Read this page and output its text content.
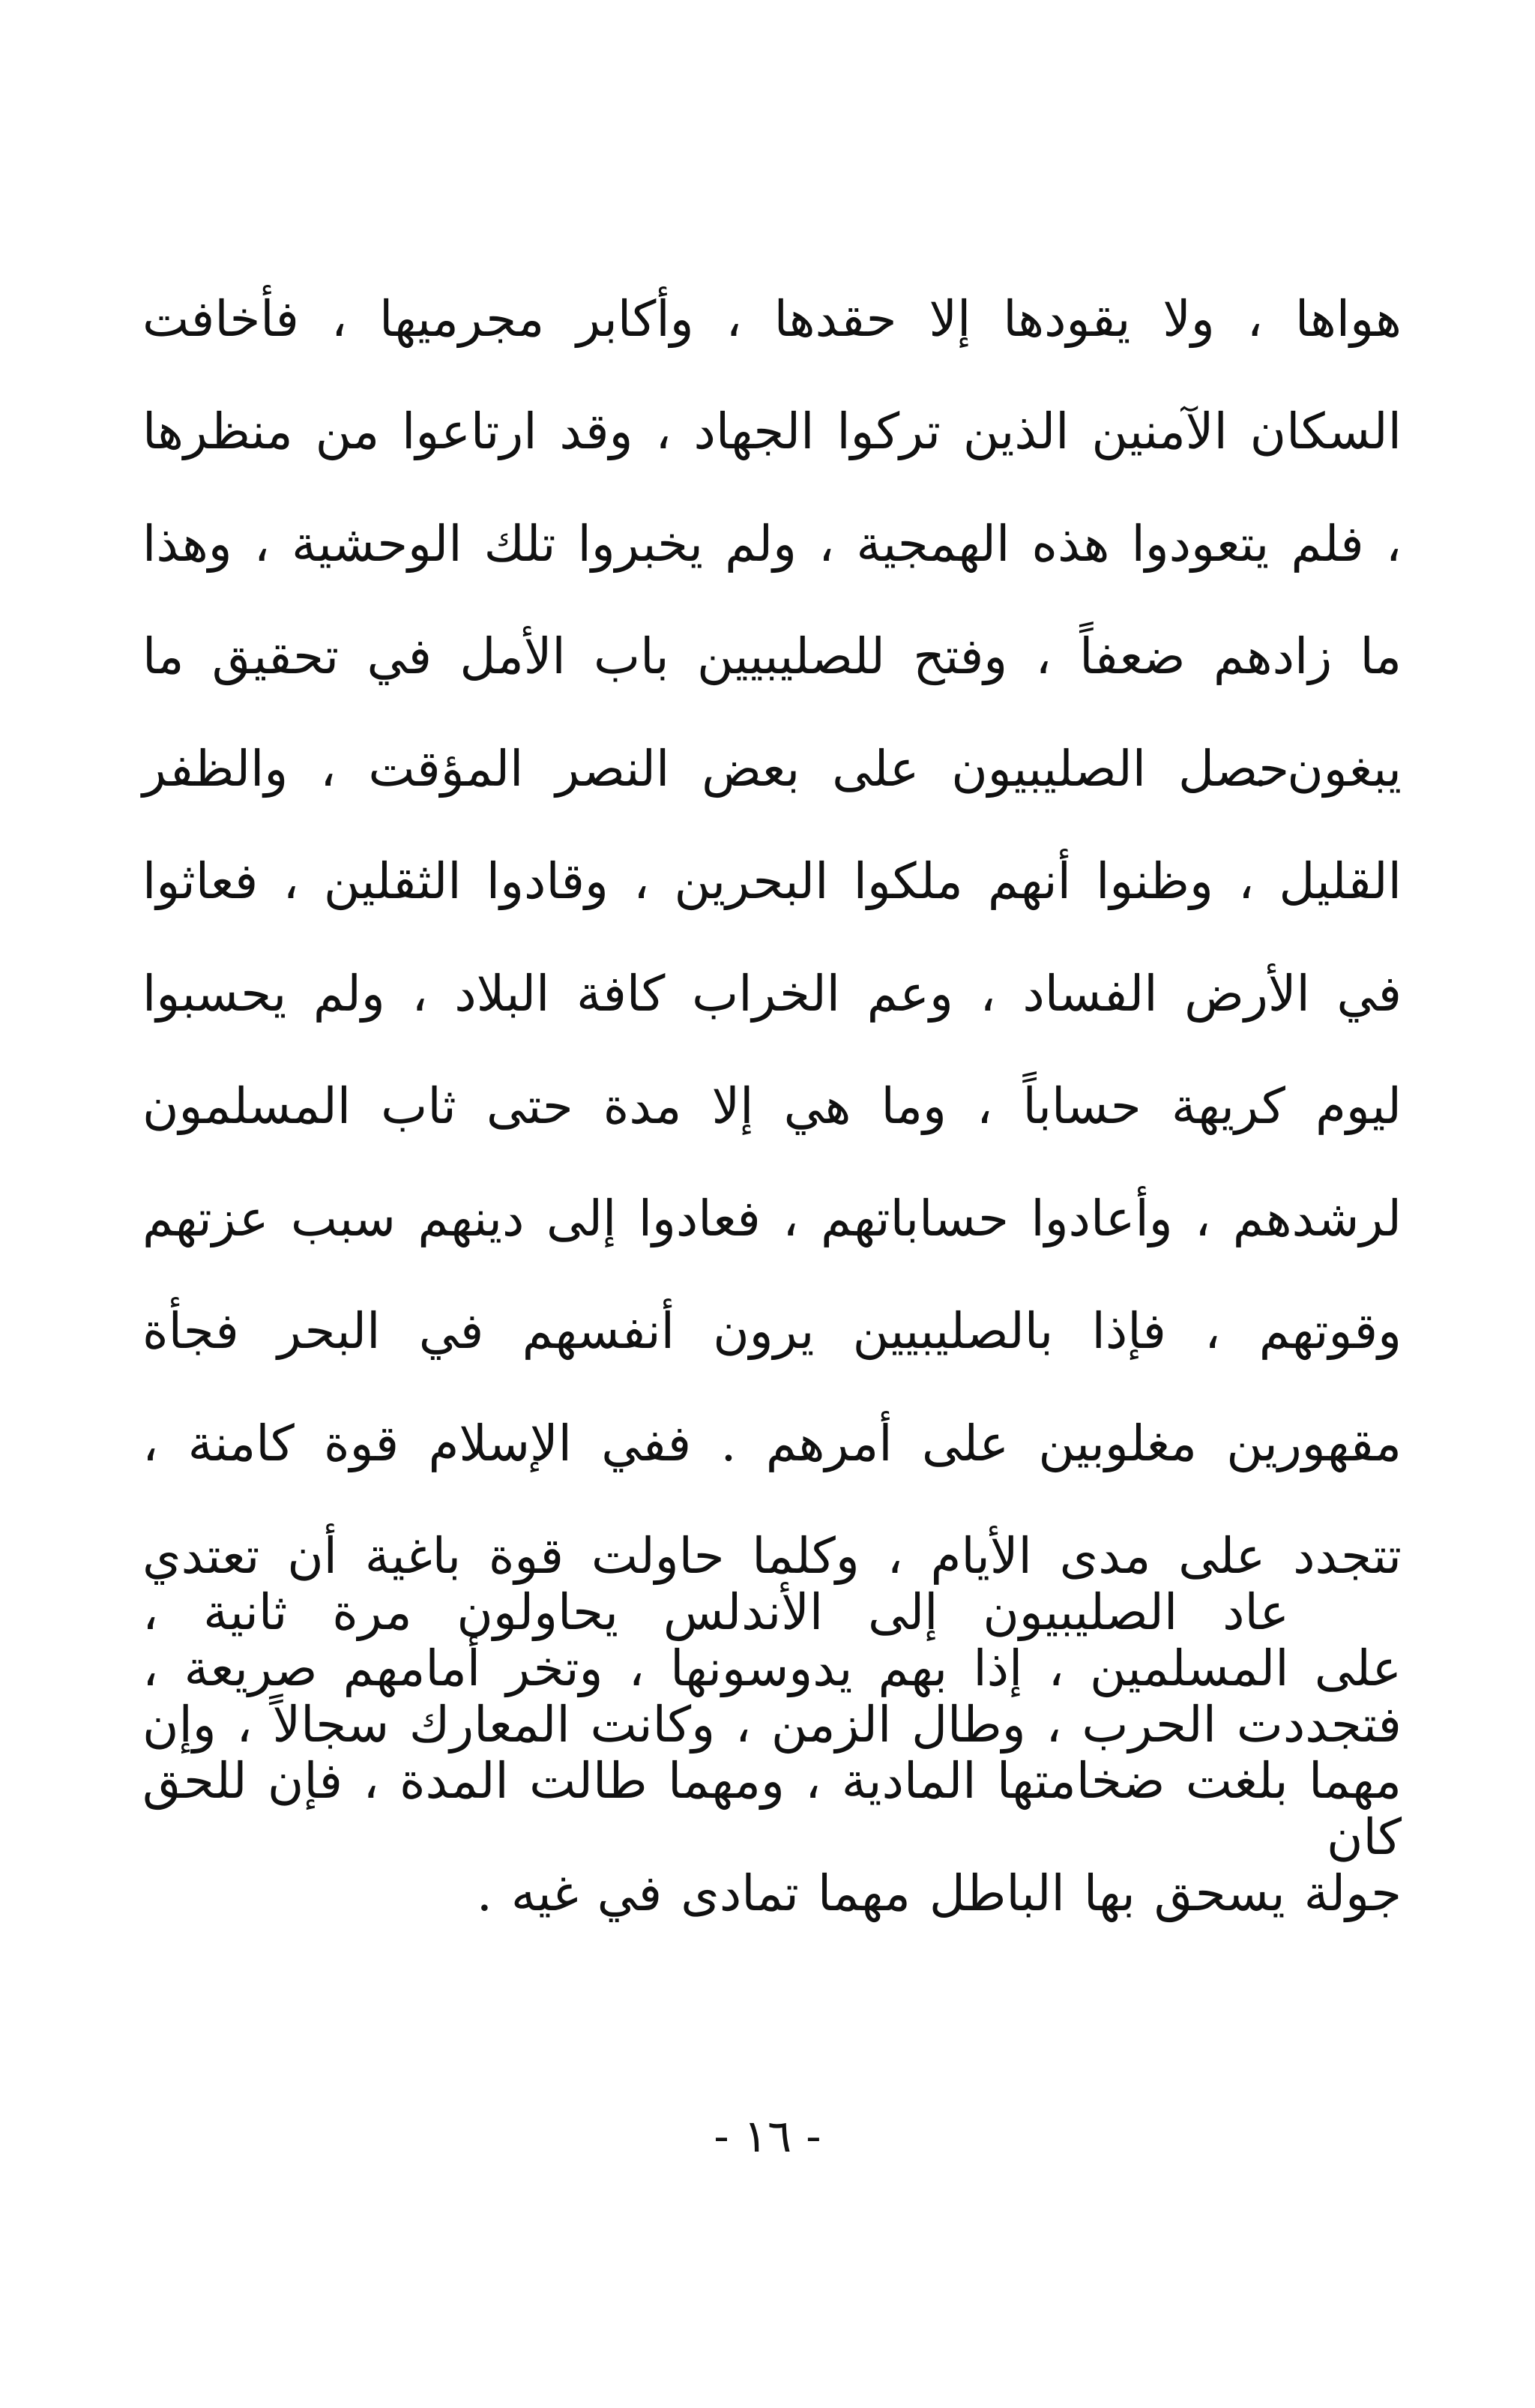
هواها ، ولا يقودها إلا حقدها ، وأكابر مجرميها ، فأخافت السكان الآمنين الذين تركوا الجهاد ، وقد ارتاعوا من منظرها ، فلم يتعودوا هذه الهمجية ، ولم يخبروا تلك الوحشية ، وهذا ما زادهم ضعفاً ، وفتح للصليبيين باب الأمل في تحقيق ما يبغون .

حصل الصليبيون على بعض النصر المؤقت ، والظفر القليل ، وظنوا أنهم ملكوا البحرين ، وقادوا الثقلين ، فعاثوا في الأرض الفساد ، وعم الخراب كافة البلاد ، ولم يحسبوا ليوم كريهة حساباً ، وما هي إلا مدة حتى ثاب المسلمون لرشدهم ، وأعادوا حساباتهم ، فعادوا إلى دينهم سبب عزتهم وقوتهم ، فإذا بالصليبيين يرون أنفسهم في البحر فجأة مقهورين مغلوبين على أمرهم . ففي الإسلام قوة كامنة ، تتجدد على مدى الأيام ، وكلما حاولت قوة باغية أن تعتدي على المسلمين ، إذا بهم يدوسونها ، وتخر أمامهم صريعة ، مهما بلغت ضخامتها المادية ، ومهما طالت المدة ، فإن للحق جولة يسحق بها الباطل مهما تمادى في غيه .

عاد الصليبيون إلى الأندلس يحاولون مرة ثانية ، فتجددت الحرب ، وطال الزمن ، وكانت المعارك سجالاً ، وإن كان

- ١٦ -
